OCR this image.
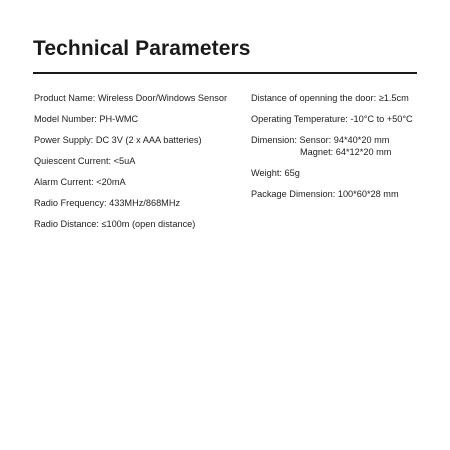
Technical Parameters
Product Name: Wireless Door/Windows Sensor
Model Number: PH-WMC
Power Supply: DC 3V (2 x AAA batteries)
Quiescent Current: <5uA
Alarm Current: <20mA
Radio Frequency: 433MHz/868MHz
Radio Distance: ≤100m (open distance)
Distance of openning the door: ≥1.5cm
Operating Temperature: -10°C to +50°C
Dimension: Sensor: 94*40*20 mm
Magnet: 64*12*20 mm
Weight: 65g
Package Dimension: 100*60*28 mm
